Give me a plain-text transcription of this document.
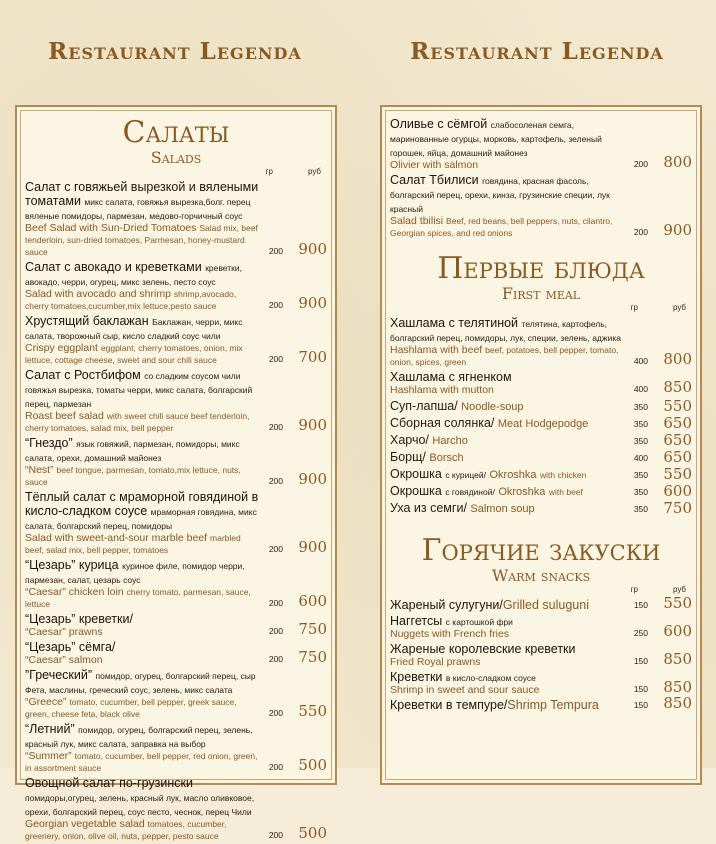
Restaurant Legenda	Restaurant Legenda
Салаты
Salads
гр	руб
Салат с говяжьей вырезкой и вялеными томатами микс салата, говяжья вырезка,болг. перец вяленые помидоры, пармезан, медово-горчичный соус
Beef Salad with Sun-Dried Tomatoes Salad mix, beef tenderloin, sun-dried tomatoes, Parmesan, honey-mustard sauce	200 900
Салат с авокадо и креветками креветки, авокадо, черри, огурец, микс зелень, песто соус
Salad with avocado and shrimp shrimp,avocado, cherry tomatoes,cucumber,mix lettuce,pesto sauce	200 900
Хрустящий баклажан Баклажан, черри, микс салата, творожный сыр, кисло сладкий соус чили
Crispy eggplant eggplant, cherry tomatoes, onion, mix lettuce, cottage cheese, sweet and sour chili sauce	200 700
Салат с Ростбифом со сладким соусом чили говяжья вырезка, томаты черри, микс салата, болгарский перец, пармезан
Roast beef salad with sweet chili sauce beef tenderloin, cherry tomatoes, salad mix, bell pepper	200 900
“Гнездо” язык говяжий, пармезан, помидоры, микс салата, орехи, домашний майонез
“Nest” beef tongue, parmesan, tomato,mix lettuce, nuts, sauce	200 900
Тёплый салат с мраморной говядиной в кисло-сладком соусе мраморная говядина, микс салата, болгарский перец, помидоры
Salad with sweet-and-sour marble beef marbled beef, salad mix, bell pepper, tomatoes	200 900
“Цезарь” курица куриное филе, помидор черри, пармезан, салат, цезарь соус
“Caesar” chicken loin cherry tomato, parmesan, sauce, lettuce	200 600
“Цезарь” креветки/
“Caesar” prawns	200 750
“Цезарь” сёмга/
“Caesar” salmon	200 750
”Греческий” помидор, огурец, болгарский перец, сыр Фета, маслины, греческий соус, зелень, микс салата
“Greece” tomato, cucumber, bell pepper, greek sauce, green, cheese feta, black olive	200 550
“Летний” помидор, огурец, болгарский перец, зелень, красный лук, микс салата, заправка на выбор
“Summer” tomato, cucumber, bell pepper, red onion, green, in assortment sauce	200 500
Овощной салат по-грузински помидоры,огурец, зелень, красный лук, масло оливковое, орехи, болгарский перец, соус песто, чеснок, перец Чили
Georgian vegetable salad tomatoes, cucumber, greenery, onion, olive oil, nuts, pepper, pesto sauce	200 500
Оливье с сёмгой слабосоленая семга, маринованные огурцы, морковь, картофель, зеленый горошек, яйца, домашний майонез
Olivier with salmon	200 800
Салат Тбилиси говядина, красная фасоль, болгарский перец, орехи, кинза, грузинские специи, лук красный
Salad tbilisi Beef, red beans, bell peppers, nuts, cilantro, Georgian spices, and red onions	200 900
Первые блюда
First meal
гр	руб
Хашлама с телятиной телятина, картофель, болгарский перец, помидоры, лук, специи, зелень, аджика
Hashlama with beef beef, potatoes, bell pepper, tomato, onion, spices, green	400 800
Хашлама с ягненком
Hashlama with mutton	400 850
Суп-лапша/ Noodle-soup	350 550
Сборная солянка/ Meat Hodgepodge	350 650
Харчо/ Harcho	350 650
Борщ/ Borsch	400 650
Окрошка с курицей/ Okroshka with chicken	350 550
Окрошка с говядиной/ Okroshka with beef	350 600
Уха из семги/ Salmon soup	350 750
Горячие закуски
Warm snacks
гр	руб
Жареный сулугуни/Grilled suluguni	150 550
Наггетсы с картошкой фри
Nuggets with French fries	250 600
Жареные королевские креветки
Fried Royal prawns	150 850
Креветки в кисло-сладком соусе
Shrimp in sweet and sour sauce	150 850
Креветки в темпуре/Shrimp Tempura	150 850
